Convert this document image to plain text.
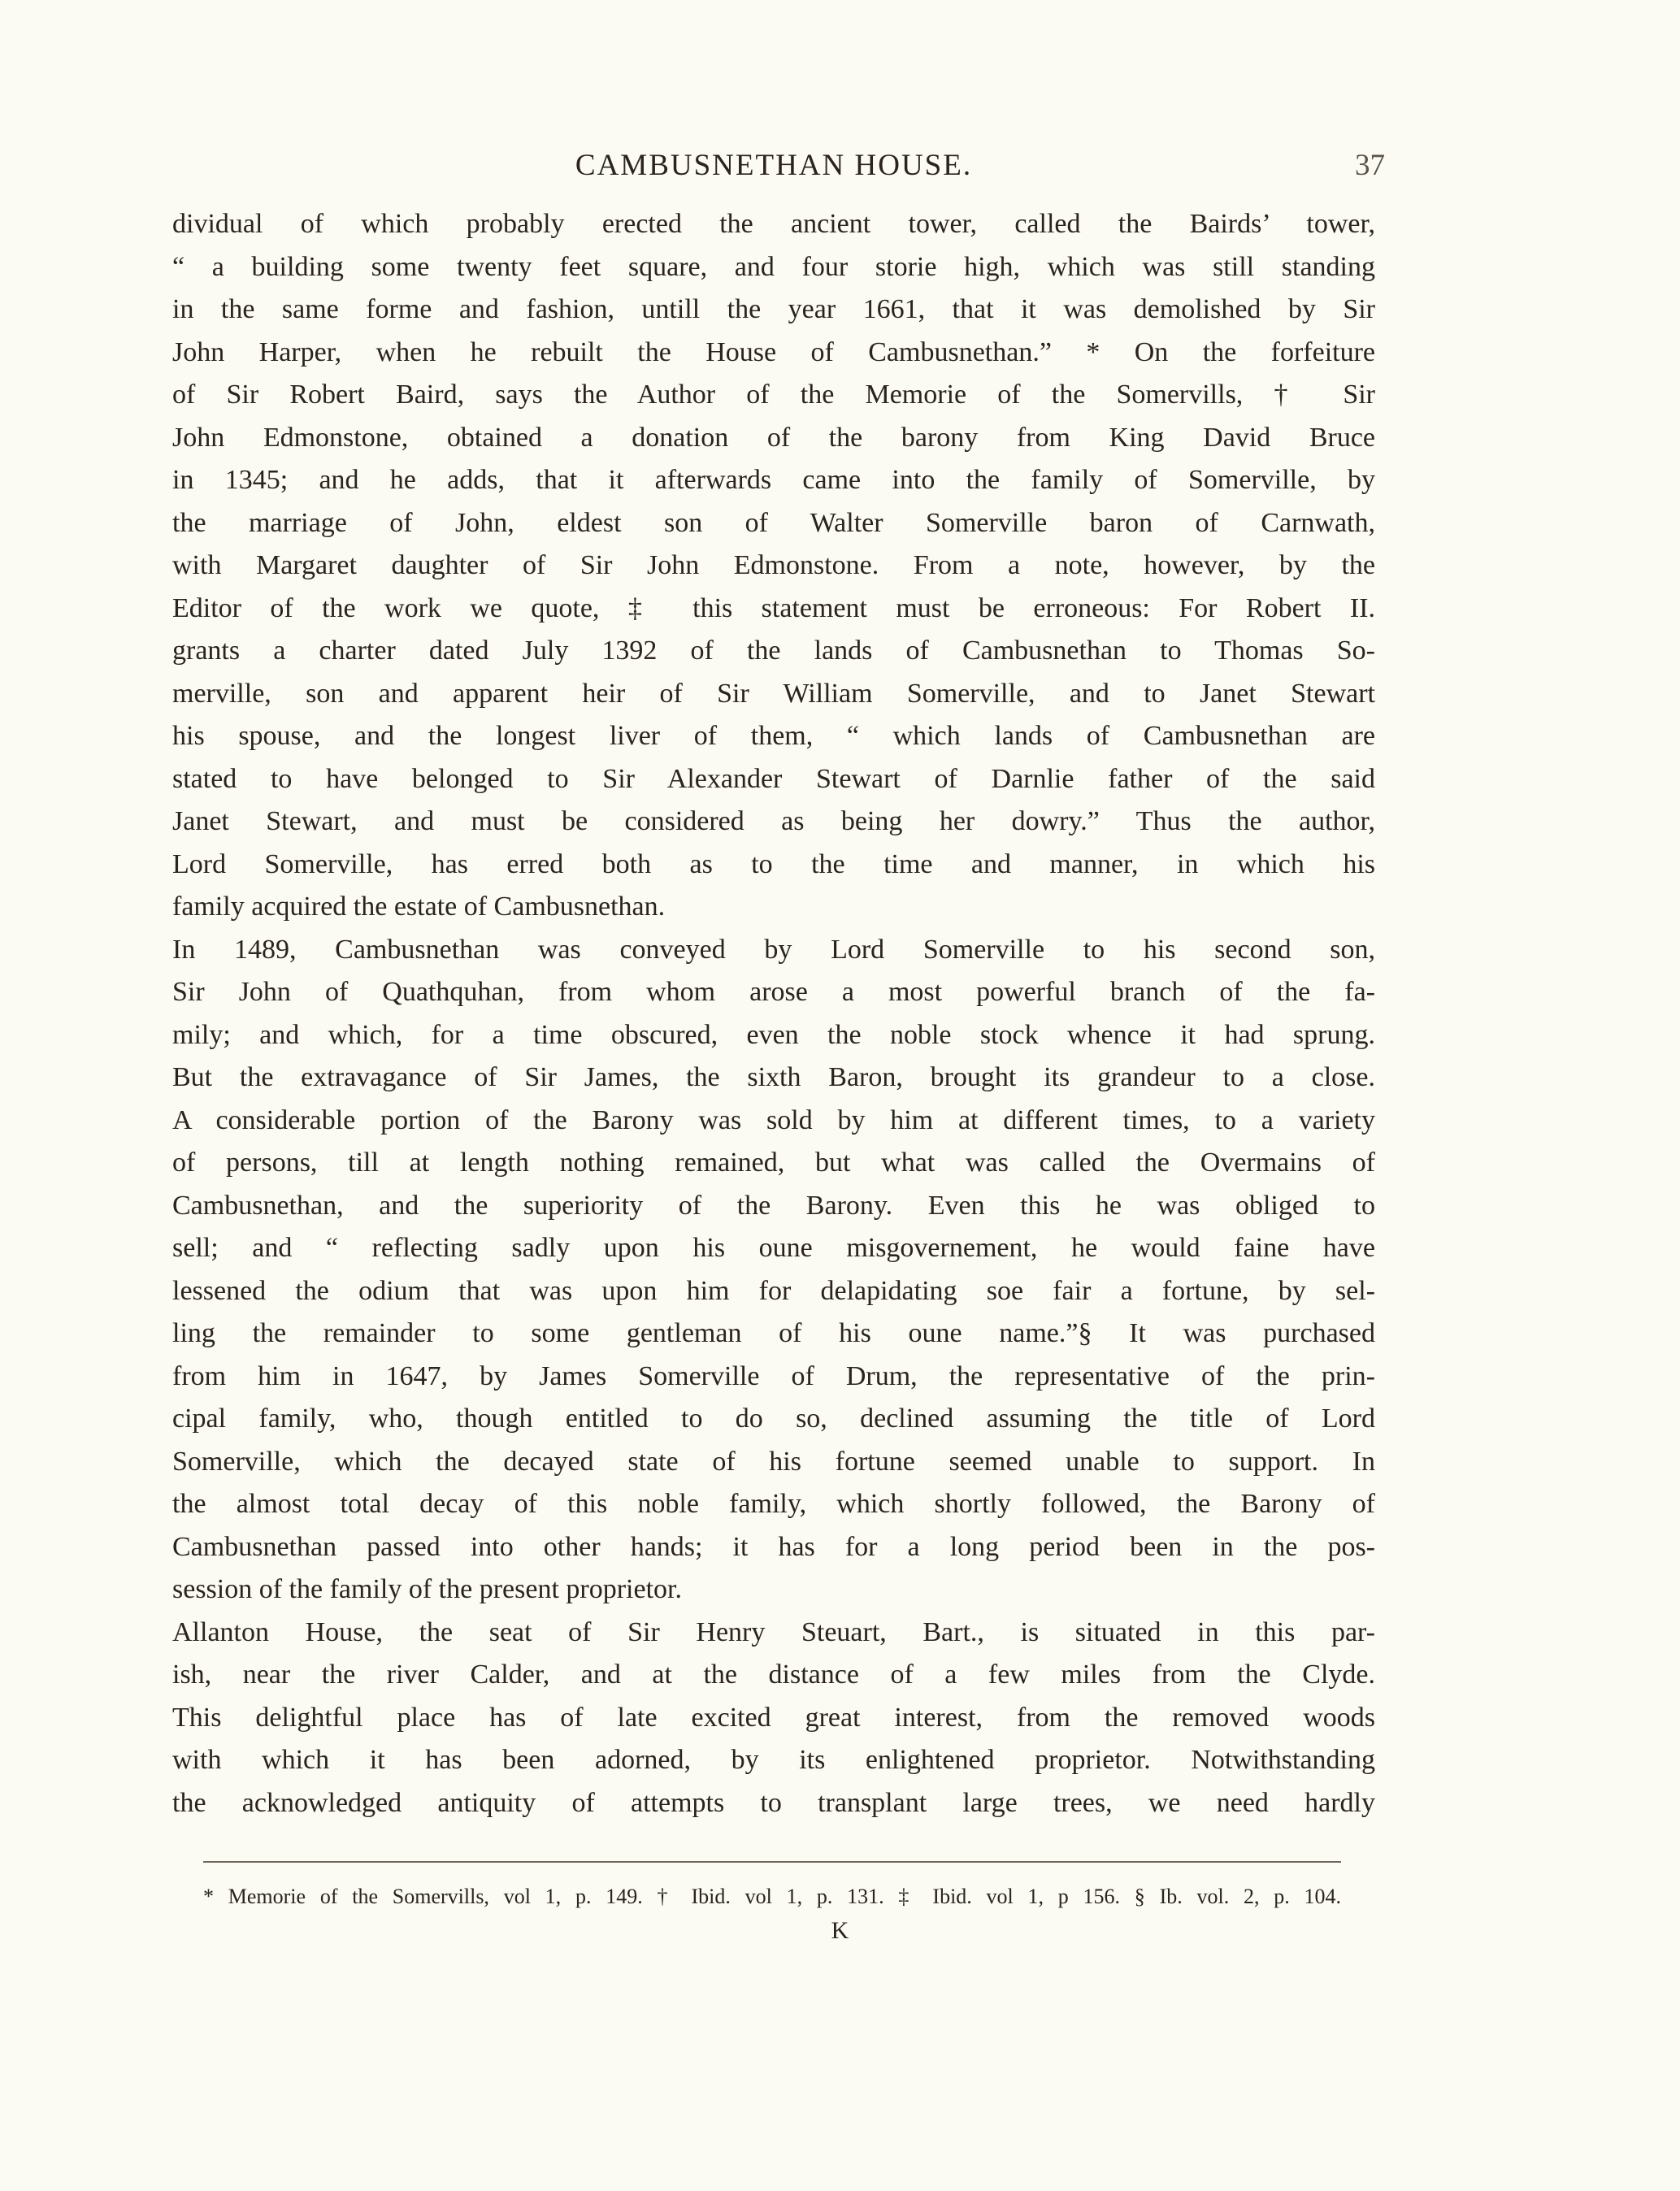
CAMBUSNETHAN HOUSE.	37
dividual of which probably erected the ancient tower, called the Bairds’ tower,
“ a building some twenty feet square, and four storie high, which was still standing
in the same forme and fashion, untill the year 1661, that it was demolished by Sir
John Harper, when he rebuilt the House of Cambusnethan.” * On the forfeiture
of Sir Robert Baird, says the Author of the Memorie of the Somervills, † Sir
John Edmonstone, obtained a donation of the barony from King David Bruce
in 1345; and he adds, that it afterwards came into the family of Somerville, by
the marriage of John, eldest son of Walter Somerville baron of Carnwath,
with Margaret daughter of Sir John Edmonstone. From a note, however, by the
Editor of the work we quote, ‡ this statement must be erroneous: For Robert II.
grants a charter dated July 1392 of the lands of Cambusnethan to Thomas So-
merville, son and apparent heir of Sir William Somerville, and to Janet Stewart
his spouse, and the longest liver of them, “ which lands of Cambusnethan are
stated to have belonged to Sir Alexander Stewart of Darnlie father of the said
Janet Stewart, and must be considered as being her dowry.” Thus the author,
Lord Somerville, has erred both as to the time and manner, in which his
family acquired the estate of Cambusnethan.
In 1489, Cambusnethan was conveyed by Lord Somerville to his second son,
Sir John of Quathquhan, from whom arose a most powerful branch of the fa-
mily; and which, for a time obscured, even the noble stock whence it had sprung.
But the extravagance of Sir James, the sixth Baron, brought its grandeur to a close.
A considerable portion of the Barony was sold by him at different times, to a variety
of persons, till at length nothing remained, but what was called the Overmains of
Cambusnethan, and the superiority of the Barony. Even this he was obliged to
sell; and “ reflecting sadly upon his oune misgovernement, he would faine have
lessened the odium that was upon him for delapidating soe fair a fortune, by sel-
ling the remainder to some gentleman of his oune name.”§ It was purchased
from him in 1647, by James Somerville of Drum, the representative of the prin-
cipal family, who, though entitled to do so, declined assuming the title of Lord
Somerville, which the decayed state of his fortune seemed unable to support. In
the almost total decay of this noble family, which shortly followed, the Barony of
Cambusnethan passed into other hands; it has for a long period been in the pos-
session of the family of the present proprietor.
Allanton House, the seat of Sir Henry Steuart, Bart., is situated in this par-
ish, near the river Calder, and at the distance of a few miles from the Clyde.
This delightful place has of late excited great interest, from the removed woods
with which it has been adorned, by its enlightened proprietor. Notwithstanding
the acknowledged antiquity of attempts to transplant large trees, we need hardly
* Memorie of the Somervills, vol 1, p. 149. † Ibid. vol 1, p. 131. ‡ Ibid. vol 1, p 156. § Ib. vol. 2, p. 104.
K
